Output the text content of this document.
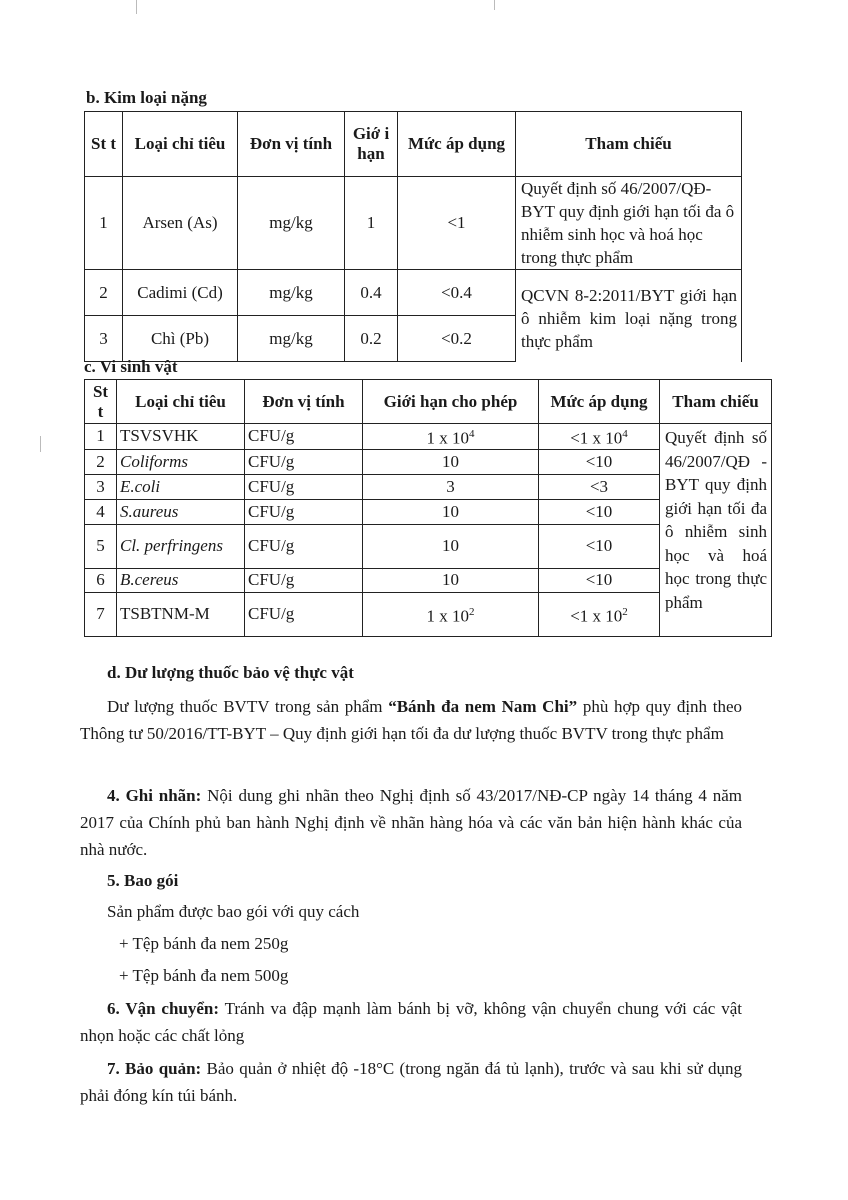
b. Kim loại nặng
St t	Loại chỉ tiêu	Đơn vị tính	Giớ i hạn	Mức áp dụng	Tham chiếu
1	Arsen (As)	mg/kg	1	<1	Quyết định số 46/2007/QĐ-BYT quy định giới hạn tối đa ô nhiễm sinh học và hoá học trong thực phẩm
2	Cadimi (Cd)	mg/kg	0.4	<0.4	QCVN 8-2:2011/BYT giới hạn ô nhiễm kim loại nặng trong thực phẩm
3	Chì (Pb)	mg/kg	0.2	<0.2	
c. Vi sinh vật
St t	Loại chỉ tiêu	Đơn vị tính	Giới hạn cho phép	Mức áp dụng	Tham chiếu
1	TSVSVHK	CFU/g	1 x $10^4$	<1 x $10^4$	Quyết định số 46/2007/QĐ -BYT quy định giới hạn tối đa ô nhiễm sinh học và hoá học trong thực phẩm
2	Coliforms	CFU/g	10	<10	
3	E.coli	CFU/g	3	<3	
4	S.aureus	CFU/g	10	<10	
5	Cl. perfringens	CFU/g	10	<10	
6	B.cereus	CFU/g	10	<10	
7	TSBTNM-M	CFU/g	1 x $10^2$	<1 x $10^2$
d. Dư lượng thuốc bảo vệ thực vật
Dư lượng thuốc BVTV trong sản phẩm “Bánh đa nem Nam Chi” phù hợp quy định theo Thông tư 50/2016/TT-BYT – Quy định giới hạn tối đa dư lượng thuốc BVTV trong thực phẩm
4. Ghi nhãn: Nội dung ghi nhãn theo Nghị định số 43/2017/NĐ-CP ngày 14 tháng 4 năm 2017 của Chính phủ ban hành Nghị định về nhãn hàng hóa và các văn bản hiện hành khác của nhà nước.
5. Bao gói
Sản phẩm được bao gói với quy cách
+ Tệp bánh đa nem 250g
+ Tệp bánh đa nem 500g
6. Vận chuyển: Tránh va đập mạnh làm bánh bị vỡ, không vận chuyển chung với các vật nhọn hoặc các chất lỏng
7. Bảo quản: Bảo quản ở nhiệt độ -18°C (trong ngăn đá tủ lạnh), trước và sau khi sử dụng phải đóng kín túi bánh.
